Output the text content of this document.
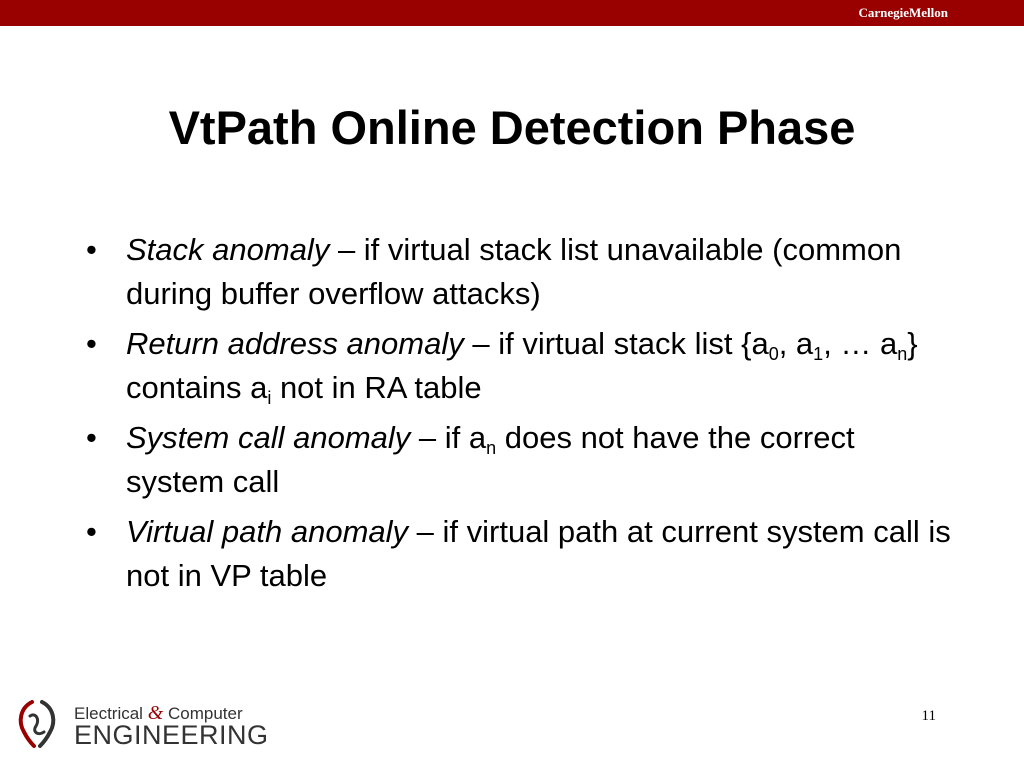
CarnegieMellon
VtPath Online Detection Phase
• Stack anomaly – if virtual stack list unavailable (common during buffer overflow attacks)
• Return address anomaly – if virtual stack list {$a_0$, $a_1$, … $a_n$} contains $a_i$ not in RA table
• System call anomaly – if $a_n$ does not have the correct system call
• Virtual path anomaly – if virtual path at current system call is not in VP table
Electrical & Computer
ENGINEERING
11
